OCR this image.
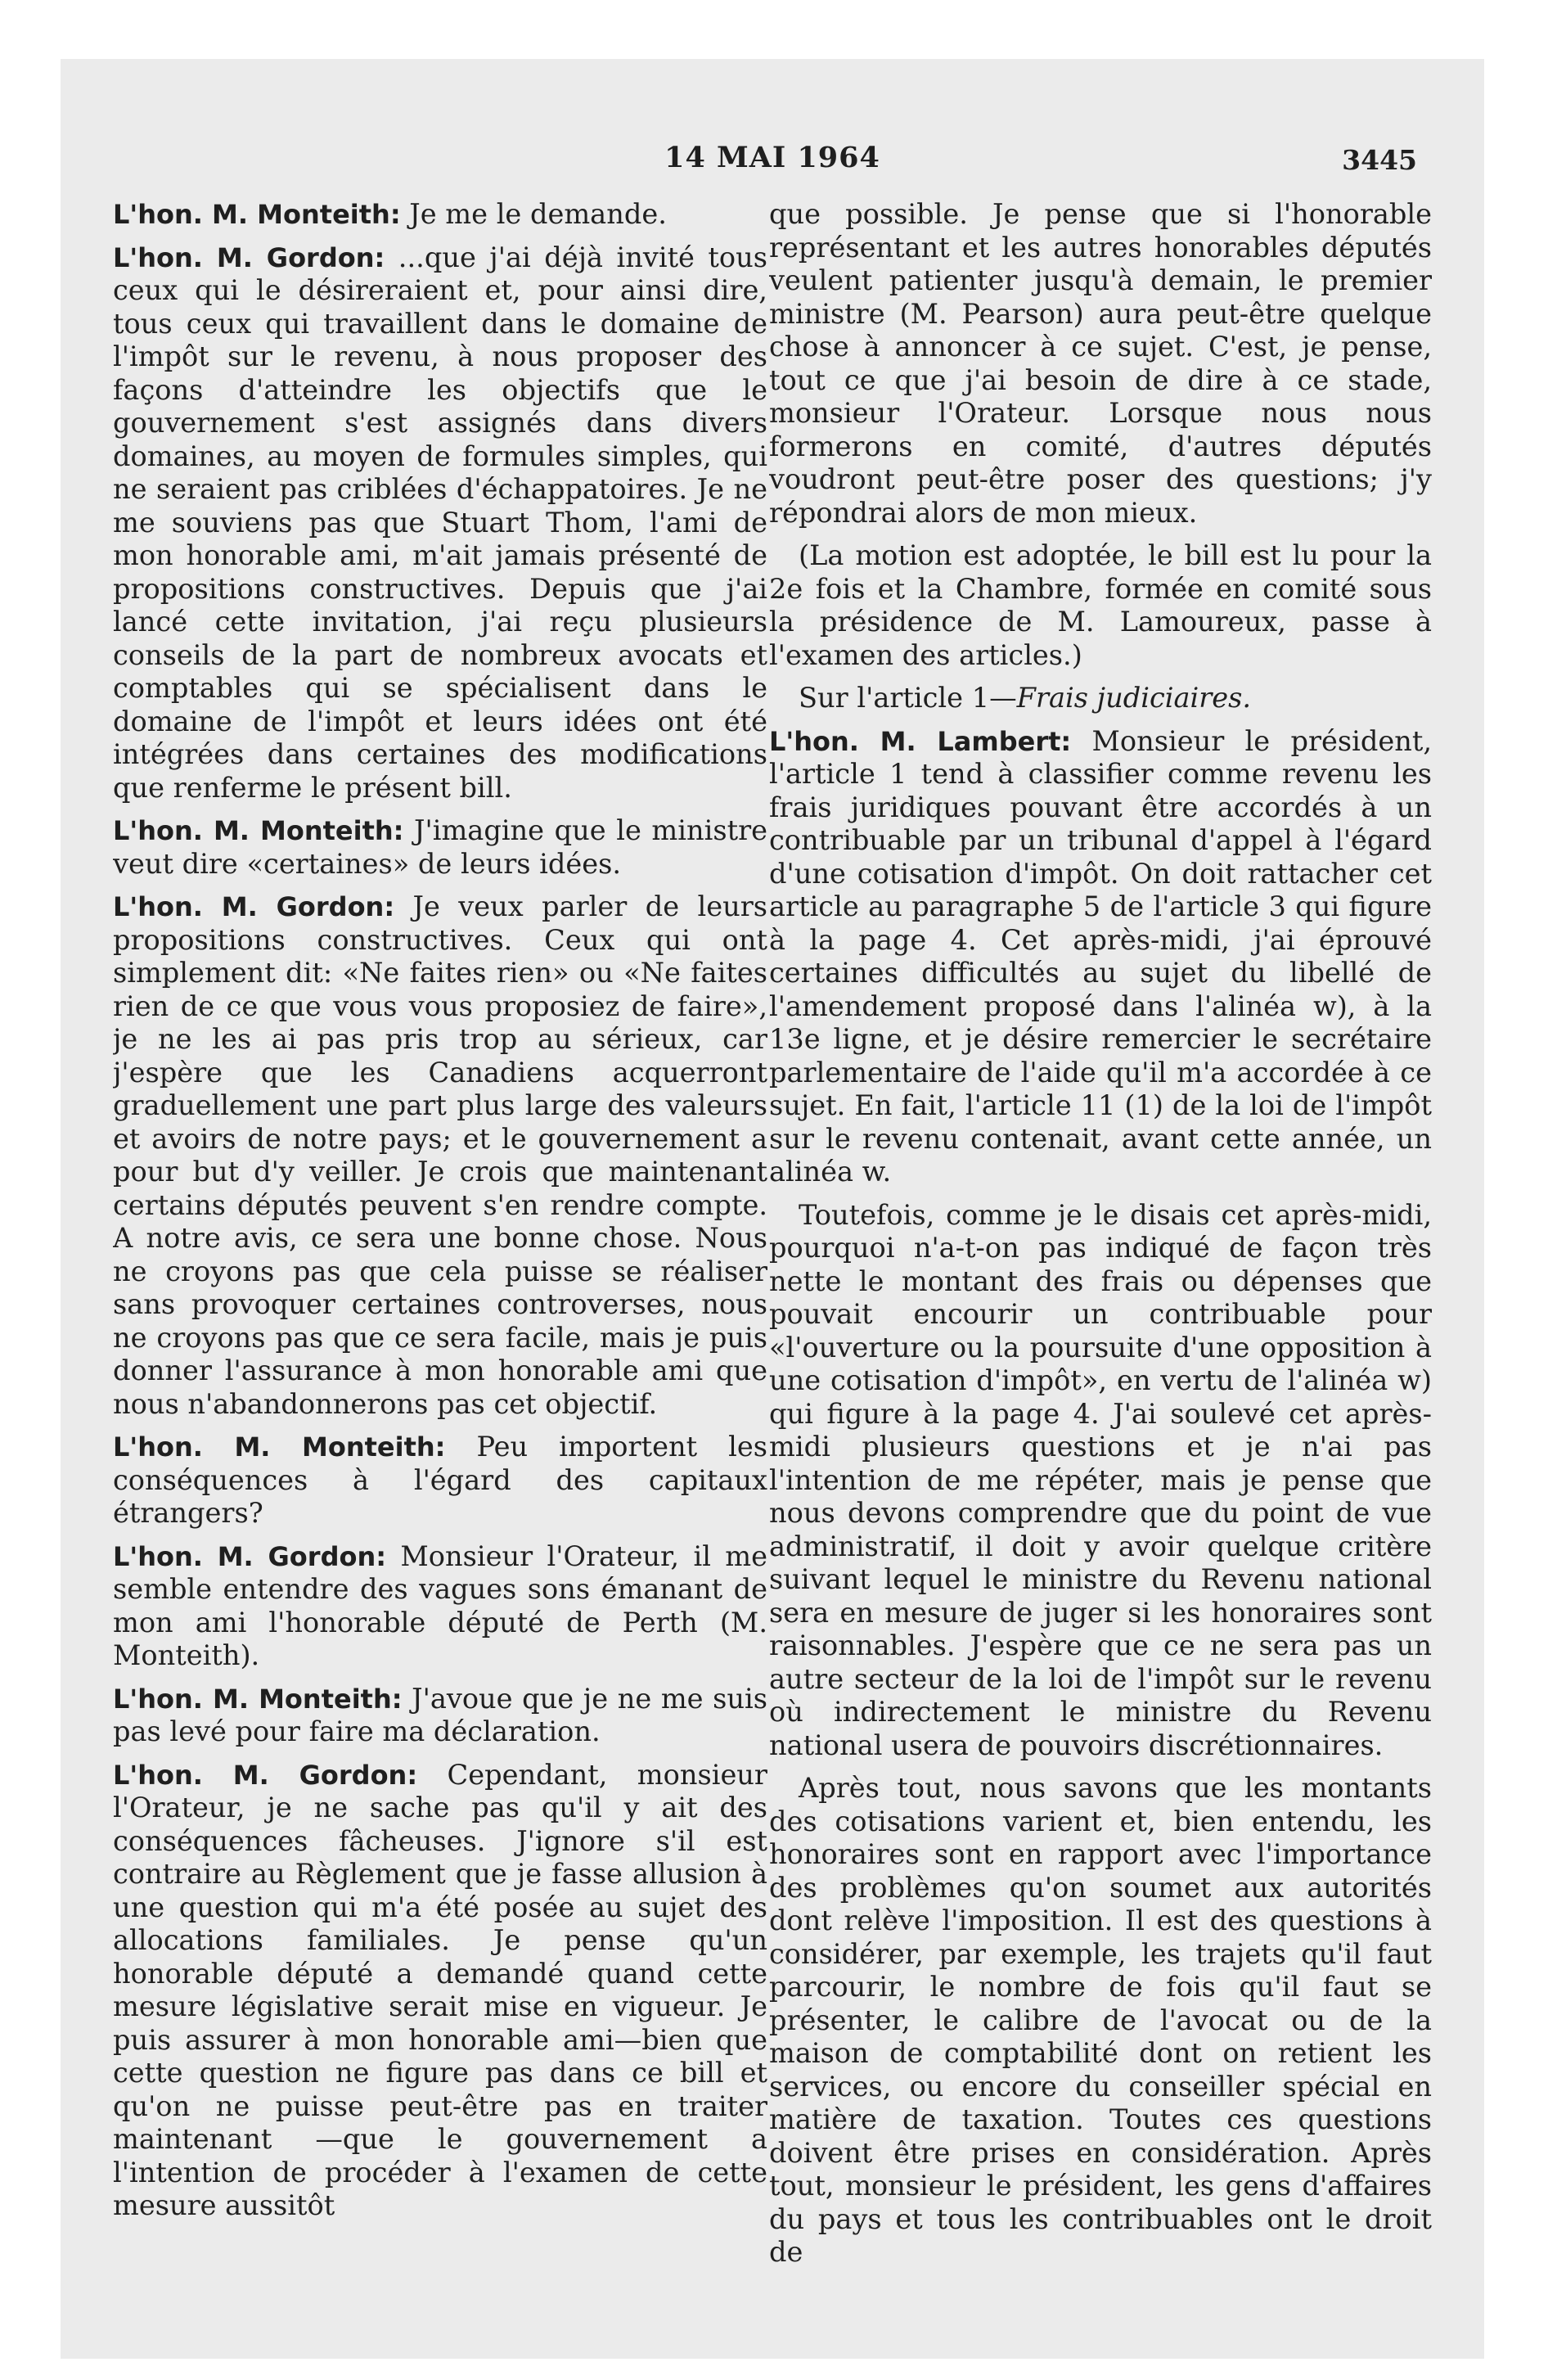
14 MAI 1964	3445

L'hon. M. Monteith: Je me le demande.

L'hon. M. Gordon: ...que j'ai déjà invité tous ceux qui le désireraient et, pour ainsi dire, tous ceux qui travaillent dans le domaine de l'impôt sur le revenu, à nous proposer des façons d'atteindre les objectifs que le gouvernement s'est assignés dans divers domaines, au moyen de formules simples, qui ne seraient pas criblées d'échappatoires. Je ne me souviens pas que Stuart Thom, l'ami de mon honorable ami, m'ait jamais présenté de propositions constructives. Depuis que j'ai lancé cette invitation, j'ai reçu plusieurs conseils de la part de nombreux avocats et comptables qui se spécialisent dans le domaine de l'impôt et leurs idées ont été intégrées dans certaines des modifications que renferme le présent bill.

L'hon. M. Monteith: J'imagine que le ministre veut dire «certaines» de leurs idées.

L'hon. M. Gordon: Je veux parler de leurs propositions constructives. Ceux qui ont simplement dit: «Ne faites rien» ou «Ne faites rien de ce que vous vous proposiez de faire», je ne les ai pas pris trop au sérieux, car j'espère que les Canadiens acquerront graduellement une part plus large des valeurs et avoirs de notre pays; et le gouvernement a pour but d'y veiller. Je crois que maintenant certains députés peuvent s'en rendre compte. A notre avis, ce sera une bonne chose. Nous ne croyons pas que cela puisse se réaliser sans provoquer certaines controverses, nous ne croyons pas que ce sera facile, mais je puis donner l'assurance à mon honorable ami que nous n'abandonnerons pas cet objectif.

L'hon. M. Monteith: Peu importent les conséquences à l'égard des capitaux étrangers?

L'hon. M. Gordon: Monsieur l'Orateur, il me semble entendre des vagues sons émanant de mon ami l'honorable député de Perth (M. Monteith).

L'hon. M. Monteith: J'avoue que je ne me suis pas levé pour faire ma déclaration.

L'hon. M. Gordon: Cependant, monsieur l'Orateur, je ne sache pas qu'il y ait des conséquences fâcheuses. J'ignore s'il est contraire au Règlement que je fasse allusion à une question qui m'a été posée au sujet des allocations familiales. Je pense qu'un honorable député a demandé quand cette mesure législative serait mise en vigueur. Je puis assurer à mon honorable ami—bien que cette question ne figure pas dans ce bill et qu'on ne puisse peut-être pas en traiter maintenant —que le gouvernement a l'intention de procéder à l'examen de cette mesure aussitôt

que possible. Je pense que si l'honorable représentant et les autres honorables députés veulent patienter jusqu'à demain, le premier ministre (M. Pearson) aura peut-être quelque chose à annoncer à ce sujet. C'est, je pense, tout ce que j'ai besoin de dire à ce stade, monsieur l'Orateur. Lorsque nous nous formerons en comité, d'autres députés voudront peut-être poser des questions; j'y répondrai alors de mon mieux.

(La motion est adoptée, le bill est lu pour la 2e fois et la Chambre, formée en comité sous la présidence de M. Lamoureux, passe à l'examen des articles.)

Sur l'article 1—Frais judiciaires.

L'hon. M. Lambert: Monsieur le président, l'article 1 tend à classifier comme revenu les frais juridiques pouvant être accordés à un contribuable par un tribunal d'appel à l'égard d'une cotisation d'impôt. On doit rattacher cet article au paragraphe 5 de l'article 3 qui figure à la page 4. Cet après-midi, j'ai éprouvé certaines difficultés au sujet du libellé de l'amendement proposé dans l'alinéa w), à la 13e ligne, et je désire remercier le secrétaire parlementaire de l'aide qu'il m'a accordée à ce sujet. En fait, l'article 11 (1) de la loi de l'impôt sur le revenu contenait, avant cette année, un alinéa w.

Toutefois, comme je le disais cet après-midi, pourquoi n'a-t-on pas indiqué de façon très nette le montant des frais ou dépenses que pouvait encourir un contribuable pour «l'ouverture ou la poursuite d'une opposition à une cotisation d'impôt», en vertu de l'alinéa w) qui figure à la page 4. J'ai soulevé cet après-midi plusieurs questions et je n'ai pas l'intention de me répéter, mais je pense que nous devons comprendre que du point de vue administratif, il doit y avoir quelque critère suivant lequel le ministre du Revenu national sera en mesure de juger si les honoraires sont raisonnables. J'espère que ce ne sera pas un autre secteur de la loi de l'impôt sur le revenu où indirectement le ministre du Revenu national usera de pouvoirs discrétionnaires.

Après tout, nous savons que les montants des cotisations varient et, bien entendu, les honoraires sont en rapport avec l'importance des problèmes qu'on soumet aux autorités dont relève l'imposition. Il est des questions à considérer, par exemple, les trajets qu'il faut parcourir, le nombre de fois qu'il faut se présenter, le calibre de l'avocat ou de la maison de comptabilité dont on retient les services, ou encore du conseiller spécial en matière de taxation. Toutes ces questions doivent être prises en considération. Après tout, monsieur le président, les gens d'affaires du pays et tous les contribuables ont le droit de
